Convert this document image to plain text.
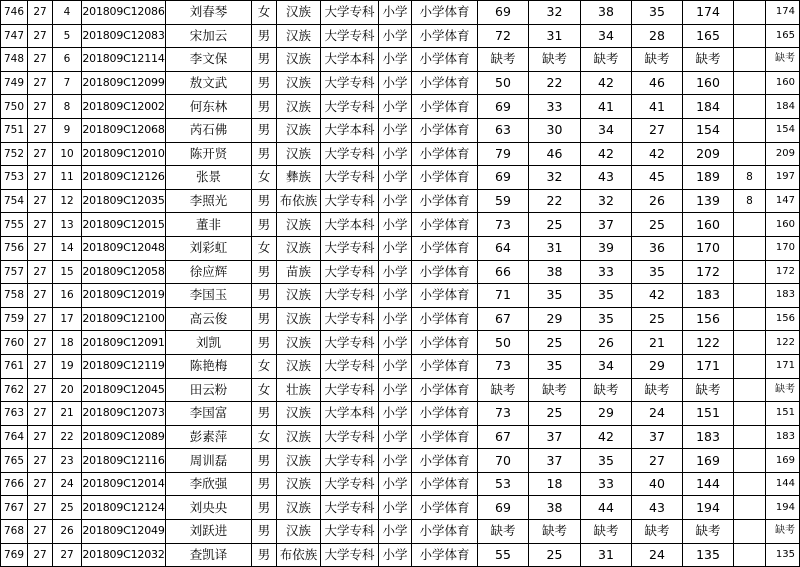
746	27	4	201809C12086	刘春琴	女	汉族	大学专科	小学	小学体育	69	32	38	35	174		174
747	27	5	201809C12083	宋加云	男	汉族	大学专科	小学	小学体育	72	31	34	28	165		165
748	27	6	201809C12114	李文保	男	汉族	大学本科	小学	小学体育	缺考	缺考	缺考	缺考	缺考		缺考
749	27	7	201809C12099	敖文武	男	汉族	大学专科	小学	小学体育	50	22	42	46	160		160
750	27	8	201809C12002	何东林	男	汉族	大学专科	小学	小学体育	69	33	41	41	184		184
751	27	9	201809C12068	芮石佛	男	汉族	大学本科	小学	小学体育	63	30	34	27	154		154
752	27	10	201809C12010	陈开贤	男	汉族	大学专科	小学	小学体育	79	46	42	42	209		209
753	27	11	201809C12126	张景	女	彝族	大学专科	小学	小学体育	69	32	43	45	189	8	197
754	27	12	201809C12035	李照光	男	布依族	大学专科	小学	小学体育	59	22	32	26	139	8	147
755	27	13	201809C12015	董非	男	汉族	大学本科	小学	小学体育	73	25	37	25	160		160
756	27	14	201809C12048	刘彩虹	女	汉族	大学专科	小学	小学体育	64	31	39	36	170		170
757	27	15	201809C12058	徐应辉	男	苗族	大学专科	小学	小学体育	66	38	33	35	172		172
758	27	16	201809C12019	李国玉	男	汉族	大学专科	小学	小学体育	71	35	35	42	183		183
759	27	17	201809C12100	高云俊	男	汉族	大学专科	小学	小学体育	67	29	35	25	156		156
760	27	18	201809C12091	刘凯	男	汉族	大学专科	小学	小学体育	50	25	26	21	122		122
761	27	19	201809C12119	陈艳梅	女	汉族	大学专科	小学	小学体育	73	35	34	29	171		171
762	27	20	201809C12045	田云粉	女	壮族	大学专科	小学	小学体育	缺考	缺考	缺考	缺考	缺考		缺考
763	27	21	201809C12073	李国富	男	汉族	大学本科	小学	小学体育	73	25	29	24	151		151
764	27	22	201809C12089	彭素萍	女	汉族	大学专科	小学	小学体育	67	37	42	37	183		183
765	27	23	201809C12116	周训磊	男	汉族	大学专科	小学	小学体育	70	37	35	27	169		169
766	27	24	201809C12014	李欣强	男	汉族	大学专科	小学	小学体育	53	18	33	40	144		144
767	27	25	201809C12124	刘央央	男	汉族	大学专科	小学	小学体育	69	38	44	43	194		194
768	27	26	201809C12049	刘跃进	男	汉族	大学专科	小学	小学体育	缺考	缺考	缺考	缺考	缺考		缺考
769	27	27	201809C12032	查凯译	男	布依族	大学专科	小学	小学体育	55	25	31	24	135		135
